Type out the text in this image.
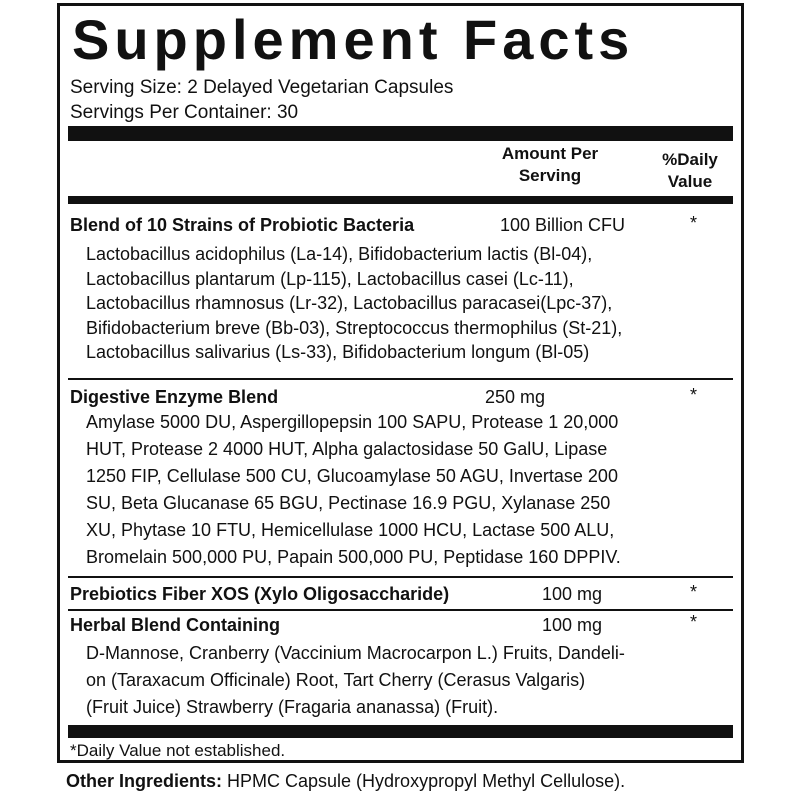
Supplement Facts
Serving Size: 2 Delayed Vegetarian Capsules
Servings Per Container: 30
Amount Per
Serving
%Daily
Value
Blend of 10 Strains of Probiotic Bacteria	100 Billion CFU	*
Lactobacillus acidophilus (La-14), Bifidobacterium lactis (Bl-04),
Lactobacillus plantarum (Lp-115), Lactobacillus casei (Lc-11),
Lactobacillus rhamnosus (Lr-32), Lactobacillus paracasei(Lpc-37),
Bifidobacterium breve (Bb-03), Streptococcus thermophilus (St-21),
Lactobacillus salivarius (Ls-33), Bifidobacterium longum (Bl-05)
Digestive Enzyme Blend	250 mg	*
Amylase 5000 DU, Aspergillopepsin 100 SAPU, Protease 1 20,000
HUT, Protease 2 4000 HUT, Alpha galactosidase 50 GalU, Lipase
1250 FIP, Cellulase 500 CU, Glucoamylase 50 AGU, Invertase 200
SU, Beta Glucanase 65 BGU, Pectinase 16.9 PGU, Xylanase 250
XU, Phytase 10 FTU, Hemicellulase 1000 HCU, Lactase 500 ALU,
Bromelain 500,000 PU, Papain 500,000 PU, Peptidase 160 DPPIV.
Prebiotics Fiber XOS (Xylo Oligosaccharide)	100 mg	*
Herbal Blend Containing	100 mg	*
D-Mannose, Cranberry (Vaccinium Macrocarpon L.) Fruits, Dandeli-
on (Taraxacum Officinale) Root, Tart Cherry (Cerasus Valgaris)
(Fruit Juice) Strawberry (Fragaria ananassa) (Fruit).
*Daily Value not established.
Other Ingredients: HPMC Capsule (Hydroxypropyl Methyl Cellulose).
